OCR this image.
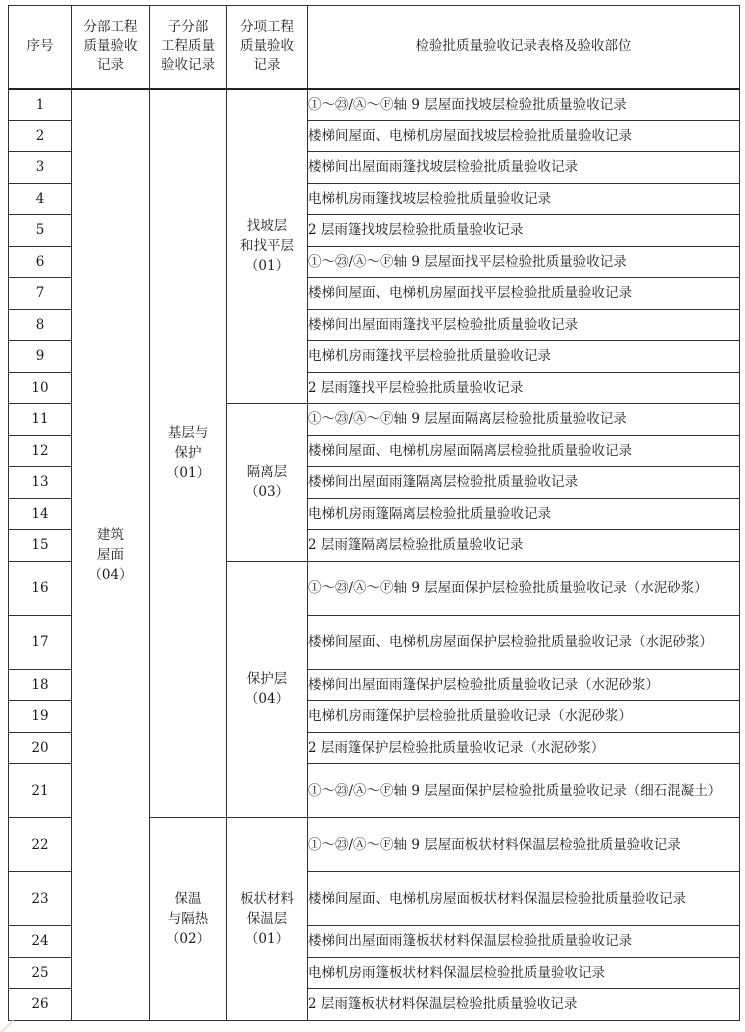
序号	分部工程
质量验收
记录	子分部
工程质量
验收记录	分项工程
质量验收
记录	检验批质量验收记录表格及验收部位

1	建筑
屋面
（04）	基层与
保护
（01）	找坡层
和找平层
（01）	①～㉓/Ⓐ～Ⓕ轴 9 层屋面找坡层检验批质量验收记录
2				楼梯间屋面、电梯机房屋面找坡层检验批质量验收记录
3				楼梯间出屋面雨篷找坡层检验批质量验收记录
4				电梯机房雨篷找坡层检验批质量验收记录
5				2 层雨篷找坡层检验批质量验收记录
6				①～㉓/Ⓐ～Ⓕ轴 9 层屋面找平层检验批质量验收记录
7				楼梯间屋面、电梯机房屋面找平层检验批质量验收记录
8				楼梯间出屋面雨篷找平层检验批质量验收记录
9				电梯机房雨篷找平层检验批质量验收记录
10				2 层雨篷找平层检验批质量验收记录
11			隔离层
（03）	①～㉓/Ⓐ～Ⓕ轴 9 层屋面隔离层检验批质量验收记录
12				楼梯间屋面、电梯机房屋面隔离层检验批质量验收记录
13				楼梯间出屋面雨篷隔离层检验批质量验收记录
14				电梯机房雨篷隔离层检验批质量验收记录
15				2 层雨篷隔离层检验批质量验收记录
16			保护层
（04）	①～㉓/Ⓐ～Ⓕ轴 9 层屋面保护层检验批质量验收记录（水泥砂浆）
17				楼梯间屋面、电梯机房屋面保护层检验批质量验收记录（水泥砂浆）
18				楼梯间出屋面雨篷保护层检验批质量验收记录（水泥砂浆）
19				电梯机房雨篷保护层检验批质量验收记录（水泥砂浆）
20				2 层雨篷保护层检验批质量验收记录（水泥砂浆）
21				①～㉓/Ⓐ～Ⓕ轴 9 层屋面保护层检验批质量验收记录（细石混凝土）
22		保温
与隔热
（02）	板状材料
保温层
（01）	①～㉓/Ⓐ～Ⓕ轴 9 层屋面板状材料保温层检验批质量验收记录
23				楼梯间屋面、电梯机房屋面板状材料保温层检验批质量验收记录
24				楼梯间出屋面雨篷板状材料保温层检验批质量验收记录
25				电梯机房雨篷板状材料保温层检验批质量验收记录
26				2 层雨篷板状材料保温层检验批质量验收记录
